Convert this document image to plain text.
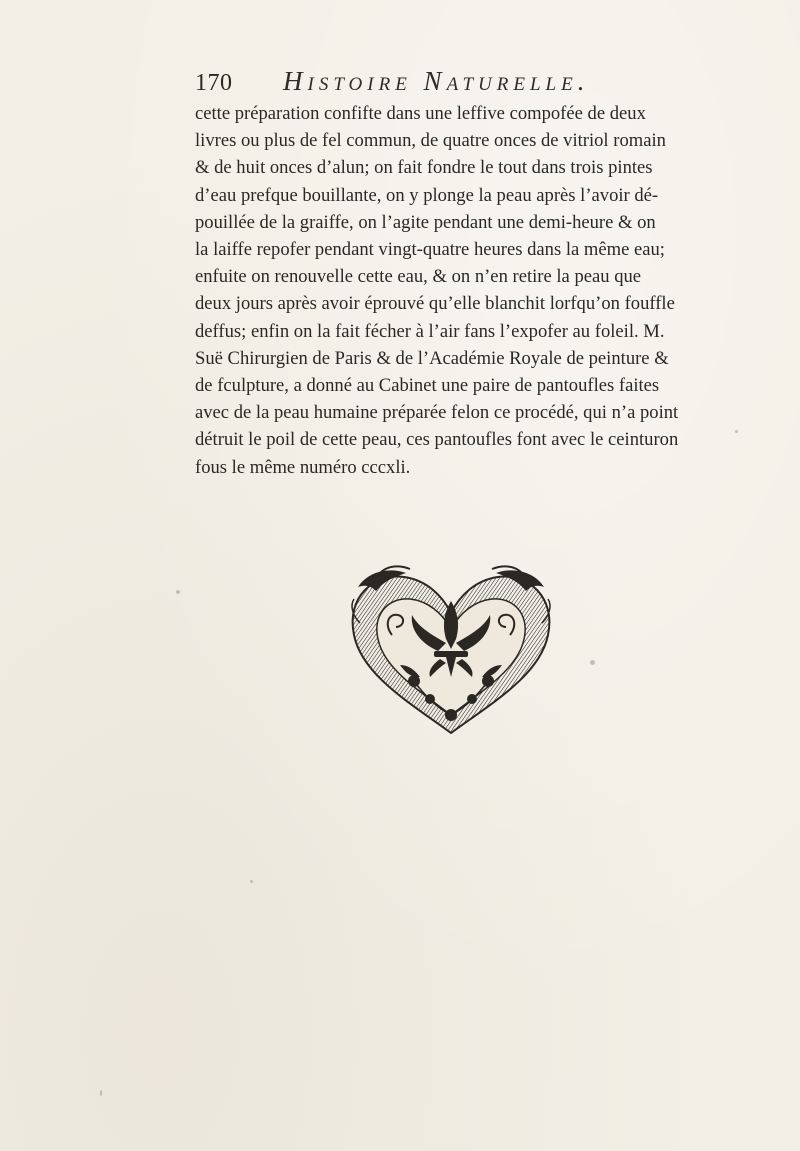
170 Histoire Naturelle.
cette préparation confifte dans une leffive compofée de deux
livres ou plus de fel commun, de quatre onces de vitriol romain
& de huit onces d’alun; on fait fondre le tout dans trois pintes
d’eau prefque bouillante, on y plonge la peau après l’avoir dé-
pouillée de la graiffe, on l’agite pendant une demi-heure & on
la laiffe repofer pendant vingt-quatre heures dans la même eau;
enfuite on renouvelle cette eau, & on n’en retire la peau que
deux jours après avoir éprouvé qu’elle blanchit lorfqu’on fouffle
deffus; enfin on la fait fécher à l’air fans l’expofer au foleil. M.
Suë Chirurgien de Paris & de l’Académie Royale de peinture &
de fculpture, a donné au Cabinet une paire de pantoufles faites
avec de la peau humaine préparée felon ce procédé, qui n’a point
détruit le poil de cette peau, ces pantoufles font avec le ceinturon
fous le même numéro cccxli.
